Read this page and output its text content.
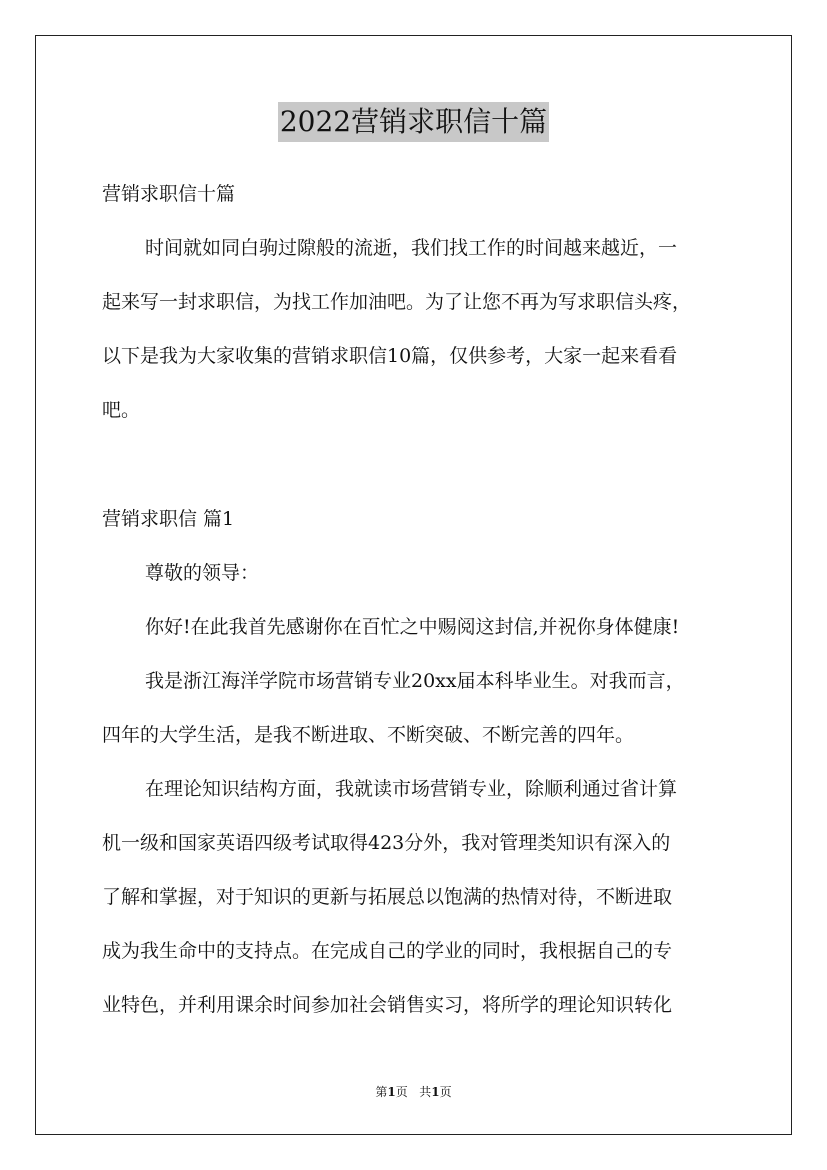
2022营销求职信十篇
营销求职信十篇
时间就如同白驹过隙般的流逝，我们找工作的时间越来越近，一
起来写一封求职信，为找工作加油吧。为了让您不再为写求职信头疼，
以下是我为大家收集的营销求职信10篇，仅供参考，大家一起来看看
吧。
营销求职信 篇1
尊敬的领导：
你好!在此我首先感谢你在百忙之中赐阅这封信,并祝你身体健康!
我是浙江海洋学院市场营销专业20xx届本科毕业生。对我而言，
四年的大学生活，是我不断进取、不断突破、不断完善的四年。
在理论知识结构方面，我就读市场营销专业，除顺利通过省计算
机一级和国家英语四级考试取得423分外，我对管理类知识有深入的
了解和掌握，对于知识的更新与拓展总以饱满的热情对待，不断进取
成为我生命中的支持点。在完成自己的学业的同时，我根据自己的专
业特色，并利用课余时间参加社会销售实习，将所学的理论知识转化
第1页 共1页
